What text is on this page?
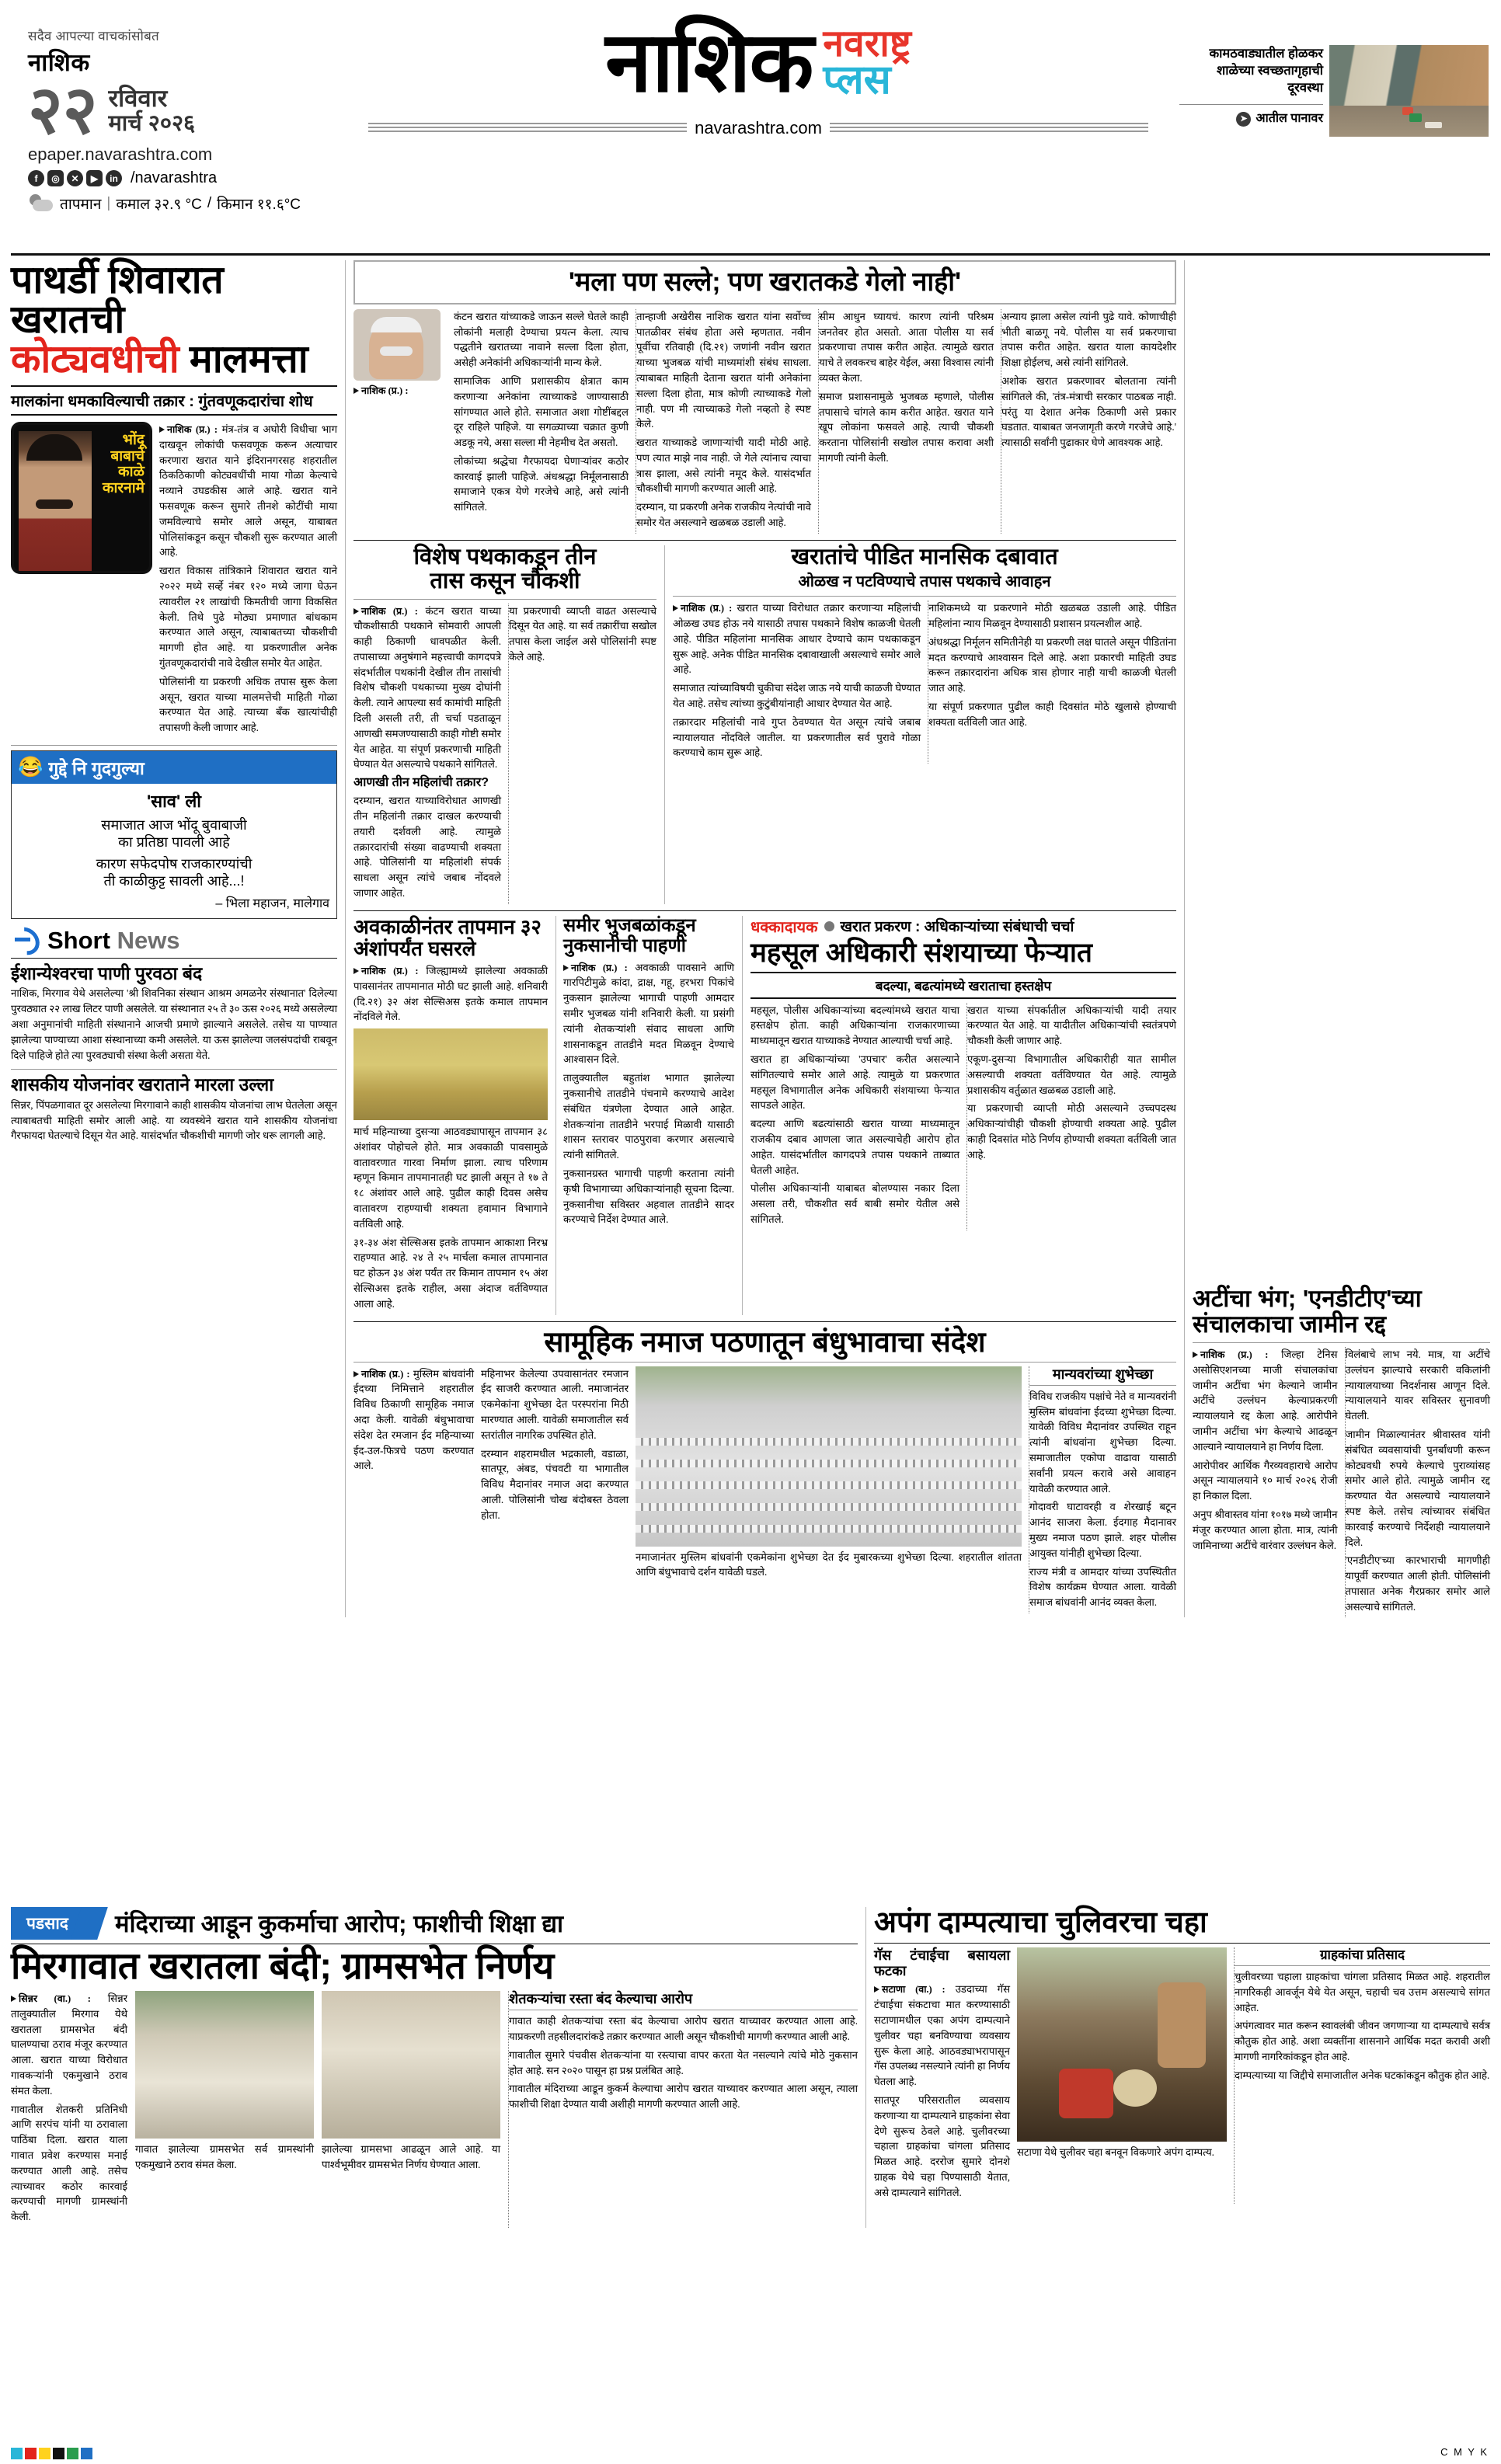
सदैव आपल्या वाचकांसोबत
नाशिक
२२ रविवार
मार्च २०२६
epaper.navarashtra.com
f	◎	✕	▶	in /navarashtra
तापमान | कमाल ३२.९ °C / किमान ११.६°C
नाशिक नवराष्ट्र
प्लस
navarashtra.com
कामठवाड्यातील होळकर शाळेच्या स्वच्छतागृहाची दूरवस्था
➤ आतील पानावर
पाथर्डी शिवारात खरातची
कोट्यवधीची मालमत्ता
मालकांना धमकाविल्याची तक्रार : गुंतवणूकदारांचा शोध
भोंदू बाबाचे काळे कारनामे

नाशिक (प्र.) : मंत्र-तंत्र व अघोरी विधीचा भाग दाखवून लोकांची फसवणूक करून अत्याचार करणारा खरात याने इंदिरानगरसह शहरातील ठिकठिकाणी कोट्यवधींची माया गोळा केल्याचे नव्याने उघडकीस आले आहे. खरात याने फसवणूक करून सुमारे तीनशे कोटींची माया जमविल्याचे समोर आले असून, याबाबत पोलिसांकडून कसून चौकशी सुरू करण्यात आली आहे.

खरात विकास तांत्रिकाने शिवारात खरात याने २०२२ मध्ये सर्व्हे नंबर १२० मध्ये जागा घेऊन त्यावरील २१ लाखांची किमतीची जागा विकसित केली. तिथे पुढे मोठ्या प्रमाणात बांधकाम करण्यात आले असून, त्याबाबतच्या चौकशीची मागणी होत आहे. या प्रकरणातील अनेक गुंतवणूकदारांची नावे देखील समोर येत आहेत.

पोलिसांनी या प्रकरणी अधिक तपास सुरू केला असून, खरात याच्या मालमत्तेची माहिती गोळा करण्यात येत आहे. त्याच्या बँक खात्यांचीही तपासणी केली जाणार आहे.

😂 गुद्दे नि गुदगुल्या
'साव' ली
समाजात आज भोंदू बुवाबाजी
का प्रतिष्ठा पावली आहे
कारण सफेदपोष राजकारण्यांची
ती काळीकुट्ट सावली आहे...!
– भिला महाजन, मालेगाव
Short News
ईशान्येश्वरचा पाणी पुरवठा बंद
नाशिक, मिरगाव येथे असलेल्या 'श्री शिवनिका संस्थान आश्रम अमळनेर संस्थानात' दिलेल्या पुरवठ्यात २२ लाख लिटर पाणी असलेले. या संस्थानात २५ ते ३० ऊस २०२६ मध्ये असलेल्या अशा अनुमानांची माहिती संस्थानाने आजची प्रमाणे झाल्याने असलेले. तसेच या पाण्यात झालेल्या पाण्याच्या आशा संस्थानाच्या कमी असलेले. या ऊस झालेल्या जलसंपदांची राबवून दिले पाहिजे होते त्या पुरवठ्याची संस्था केली असता येते.
शासकीय योजनांवर खराताने मारला उल्ला
सिन्नर, पिंपळगावात दूर असलेल्या मिरगावाने काही शासकीय योजनांचा लाभ घेतलेला असून त्याबाबतची माहिती समोर आली आहे. या व्यवस्थेने खरात याने शासकीय योजनांचा गैरफायदा घेतल्याचे दिसून येत आहे. यासंदर्भात चौकशीची मागणी जोर धरू लागली आहे.
'मला पण सल्ले; पण खरातकडे गेलो नाही'
नाशिक (प्र.) :

कंटन खरात यांच्याकडे जाऊन सल्ले घेतले काही लोकांनी मलाही देण्याचा प्रयत्न केला. त्याच पद्धतीने खरातच्या नावाने सल्ला दिला होता, असेही अनेकांनी अधिकाऱ्यांनी मान्य केले.

सामाजिक आणि प्रशासकीय क्षेत्रात काम करणाऱ्या अनेकांना त्याच्याकडे जाण्यासाठी सांगण्यात आले होते. समाजात अशा गोष्टींबद्दल दूर राहिले पाहिजे. या सगळ्याच्या चक्रात कुणी अडकू नये, असा सल्ला मी नेहमीच देत असतो.

लोकांच्या श्रद्धेचा गैरफायदा घेणाऱ्यांवर कठोर कारवाई झाली पाहिजे. अंधश्रद्धा निर्मूलनासाठी समाजाने एकत्र येणे गरजेचे आहे, असे त्यांनी सांगितले.

तान्हाजी अखेरीस नाशिक खरात यांना सर्वोच्च पातळीवर संबंध होता असे म्हणतात. नवीन पूर्वीचा रतिवाही (दि.२१) जणांनी नवीन खरात याच्या भुजबळ यांची माध्यमांशी संबंध साधला. त्याबाबत माहिती देताना खरात यांनी अनेकांना सल्ला दिला होता, मात्र कोणी त्याच्याकडे गेलो नाही. पण मी त्याच्याकडे गेलो नव्हतो हे स्पष्ट केले.

खरात याच्याकडे जाणाऱ्यांची यादी मोठी आहे. पण त्यात माझे नाव नाही. जे गेले त्यांनाच त्याचा त्रास झाला, असे त्यांनी नमूद केले. यासंदर्भात चौकशीची मागणी करण्यात आली आहे.

दरम्यान, या प्रकरणी अनेक राजकीय नेत्यांची नावे समोर येत असल्याने खळबळ उडाली आहे.

सीम आधुन घ्यायचं. कारण त्यांनी परिश्रम जनतेवर होत असतो. आता पोलीस या सर्व प्रकरणाचा तपास करीत आहेत. त्यामुळे खरात याचे ते लवकरच बाहेर येईल, असा विश्वास त्यांनी व्यक्त केला.

समाज प्रशासनामुळे भुजबळ म्हणाले, पोलीस तपासाचे चांगले काम करीत आहेत. खरात याने खूप लोकांना फसवले आहे. त्याची चौकशी करताना पोलिसांनी सखोल तपास करावा अशी मागणी त्यांनी केली.

अन्याय झाला असेल त्यांनी पुढे यावे. कोणाचीही भीती बाळगू नये. पोलीस या सर्व प्रकरणाचा तपास करीत आहेत. खरात याला कायदेशीर शिक्षा होईलच, असे त्यांनी सांगितले.

अशोक खरात प्रकरणावर बोलताना त्यांनी सांगितले की, 'तंत्र-मंत्राची सरकार पाठबळ नाही. परंतु या देशात अनेक ठिकाणी असे प्रकार घडतात. याबाबत जनजागृती करणे गरजेचे आहे.' त्यासाठी सर्वांनी पुढाकार घेणे आवश्यक आहे.

विशेष पथकाकडून तीन
तास कसून चौकशी

नाशिक (प्र.) : कंटन खरात याच्या चौकशीसाठी पथकाने सोमवारी आपली काही ठिकाणी धावपळीत केली. तपासाच्या अनुषंगाने महत्त्वाची कागदपत्रे संदर्भातील पथकांनी देखील तीन तासांची विशेष चौकशी पथकाच्या मुख्य दोघांनी केली. त्याने आपल्या सर्व कामांची माहिती दिली असली तरी, ती चर्चा पडताळून आणखी समजण्यासाठी काही गोष्टी समोर येत आहेत. या संपूर्ण प्रकरणाची माहिती घेण्यात येत असल्याचे पथकाने सांगितले.

आणखी तीन महिलांची तक्रार?

दरम्यान, खरात याच्याविरोधात आणखी तीन महिलांनी तक्रार दाखल करण्याची तयारी दर्शवली आहे. त्यामुळे तक्रारदारांची संख्या वाढण्याची शक्यता आहे. पोलिसांनी या महिलांशी संपर्क साधला असून त्यांचे जबाब नोंदवले जाणार आहेत.

या प्रकरणाची व्याप्ती वाढत असल्याचे दिसून येत आहे. या सर्व तक्रारींचा सखोल तपास केला जाईल असे पोलिसांनी स्पष्ट केले आहे.

खरातांचे पीडित मानसिक दबावात
ओळख न पटविण्याचे तपास पथकाचे आवाहन

नाशिक (प्र.) : खरात याच्या विरोधात तक्रार करणाऱ्या महिलांची ओळख उघड होऊ नये यासाठी तपास पथकाने विशेष काळजी घेतली आहे. पीडित महिलांना मानसिक आधार देण्याचे काम पथकाकडून सुरू आहे. अनेक पीडित मानसिक दबावाखाली असल्याचे समोर आले आहे.

समाजात त्यांच्याविषयी चुकीचा संदेश जाऊ नये याची काळजी घेण्यात येत आहे. तसेच त्यांच्या कुटुंबीयांनाही आधार देण्यात येत आहे.

तक्रारदार महिलांची नावे गुप्त ठेवण्यात येत असून त्यांचे जबाब न्यायालयात नोंदविले जातील. या प्रकरणातील सर्व पुरावे गोळा करण्याचे काम सुरू आहे.

नाशिकमध्ये या प्रकरणाने मोठी खळबळ उडाली आहे. पीडित महिलांना न्याय मिळवून देण्यासाठी प्रशासन प्रयत्नशील आहे.

अंधश्रद्धा निर्मूलन समितीनेही या प्रकरणी लक्ष घातले असून पीडितांना मदत करण्याचे आश्वासन दिले आहे. अशा प्रकारची माहिती उघड करून तक्रारदारांना अधिक त्रास होणार नाही याची काळजी घेतली जात आहे.

या संपूर्ण प्रकरणात पुढील काही दिवसांत मोठे खुलासे होण्याची शक्यता वर्तविली जात आहे.

अवकाळीनंतर तापमान ३२ अंशांपर्यंत घसरले

नाशिक (प्र.) : जिल्ह्यामध्ये झालेल्या अवकाळी पावसानंतर तापमानात मोठी घट झाली आहे. शनिवारी (दि.२१) ३२ अंश सेल्सिअस इतके कमाल तापमान नोंदविले गेले.

मार्च महिन्याच्या दुसऱ्या आठवड्यापासून तापमान ३८ अंशांवर पोहोचले होते. मात्र अवकाळी पावसामुळे वातावरणात गारवा निर्माण झाला. त्याच परिणाम म्हणून किमान तापमानातही घट झाली असून ते १७ ते १८ अंशांवर आले आहे. पुढील काही दिवस असेच वातावरण राहण्याची शक्यता हवामान विभागाने वर्तविली आहे.

३१-३४ अंश सेल्सिअस इतके तापमान आकाशा निरभ्र राहण्यात आहे. २४ ते २५ मार्चला कमाल तापमानात घट होऊन ३४ अंश पर्यंत तर किमान तापमान १५ अंश सेल्सिअस इतके राहील, असा अंदाज वर्तविण्यात आला आहे.

समीर भुजबळांकडून नुकसानीची पाहणी

नाशिक (प्र.) : अवकाळी पावसाने आणि गारपिटीमुळे कांदा, द्राक्ष, गहू, हरभरा पिकांचे नुकसान झालेल्या भागाची पाहणी आमदार समीर भुजबळ यांनी शनिवारी केली. या प्रसंगी त्यांनी शेतकऱ्यांशी संवाद साधला आणि शासनाकडून तातडीने मदत मिळवून देण्याचे आश्वासन दिले.

तालुक्यातील बहुतांश भागात झालेल्या नुकसानीचे तातडीने पंचनामे करण्याचे आदेश संबंधित यंत्रणेला देण्यात आले आहेत. शेतकऱ्यांना तातडीने भरपाई मिळावी यासाठी शासन स्तरावर पाठपुरावा करणार असल्याचे त्यांनी सांगितले.

नुकसानग्रस्त भागाची पाहणी करताना त्यांनी कृषी विभागाच्या अधिकाऱ्यांनाही सूचना दिल्या. नुकसानीचा सविस्तर अहवाल तातडीने सादर करण्याचे निर्देश देण्यात आले.

धक्कादायक खरात प्रकरण : अधिकाऱ्यांच्या संबंधाची चर्चा
महसूल अधिकारी संशयाच्या फेऱ्यात
बदल्या, बढत्यांमध्ये खराताचा हस्तक्षेप

महसूल, पोलीस अधिकाऱ्यांच्या बदल्यांमध्ये खरात याचा हस्तक्षेप होता. काही अधिकाऱ्यांना राजकारणाच्या माध्यमातून खरात याच्याकडे नेण्यात आल्याची चर्चा आहे.

खरात हा अधिकाऱ्यांच्या 'उपचार' करीत असल्याने सांगितल्याचे समोर आले आहे. त्यामुळे या प्रकरणात महसूल विभागातील अनेक अधिकारी संशयाच्या फेऱ्यात सापडले आहेत.

बदल्या आणि बढत्यांसाठी खरात याच्या माध्यमातून राजकीय दबाव आणला जात असल्याचेही आरोप होत आहेत. यासंदर्भातील कागदपत्रे तपास पथकाने ताब्यात घेतली आहेत.

पोलीस अधिकाऱ्यांनी याबाबत बोलण्यास नकार दिला असला तरी, चौकशीत सर्व बाबी समोर येतील असे सांगितले.

खरात याच्या संपर्कातील अधिकाऱ्यांची यादी तयार करण्यात येत आहे. या यादीतील अधिकाऱ्यांची स्वतंत्रपणे चौकशी केली जाणार आहे.

एकूण-दुसऱ्या विभागातील अधिकारीही यात सामील असल्याची शक्यता वर्तविण्यात येत आहे. त्यामुळे प्रशासकीय वर्तुळात खळबळ उडाली आहे.

या प्रकरणाची व्याप्ती मोठी असल्याने उच्चपदस्थ अधिकाऱ्यांचीही चौकशी होण्याची शक्यता आहे. पुढील काही दिवसांत मोठे निर्णय होण्याची शक्यता वर्तविली जात आहे.

सामूहिक नमाज पठणातून बंधुभावाचा संदेश

नाशिक (प्र.) : मुस्लिम बांधवांनी ईदच्या निमित्ताने शहरातील विविध ठिकाणी सामूहिक नमाज अदा केली. यावेळी बंधुभावाचा संदेश देत रमजान ईद महिन्याच्या ईद-उल-फित्रचे पठण करण्यात आले.

महिनाभर केलेल्या उपवासानंतर रमजान ईद साजरी करण्यात आली. नमाजानंतर एकमेकांना शुभेच्छा देत परस्परांना मिठी मारण्यात आली. यावेळी समाजातील सर्व स्तरांतील नागरिक उपस्थित होते.

दरम्यान शहरामधील भद्रकाली, वडाळा, सातपूर, अंबड, पंचवटी या भागातील विविध मैदानांवर नमाज अदा करण्यात आली. पोलिसांनी चोख बंदोबस्त ठेवला होता.

नमाजानंतर मुस्लिम बांधवांनी एकमेकांना शुभेच्छा देत ईद मुबारकच्या शुभेच्छा दिल्या. शहरातील शांतता आणि बंधुभावाचे दर्शन यावेळी घडले.
मान्यवरांच्या शुभेच्छा

विविध राजकीय पक्षांचे नेते व मान्यवरांनी मुस्लिम बांधवांना ईदच्या शुभेच्छा दिल्या. यावेळी विविध मैदानांवर उपस्थित राहून त्यांनी बांधवांना शुभेच्छा दिल्या. समाजातील एकोपा वाढावा यासाठी सर्वांनी प्रयत्न करावे असे आवाहन यावेळी करण्यात आले.

गोदावरी घाटावरही व शेरखाई बटून आनंद साजरा केला. ईदगाह मैदानावर मुख्य नमाज पठण झाले. शहर पोलीस आयुक्त यांनीही शुभेच्छा दिल्या.

राज्य मंत्री व आमदार यांच्या उपस्थितीत विशेष कार्यक्रम घेण्यात आला. यावेळी समाज बांधवांनी आनंद व्यक्त केला.

अटींचा भंग; 'एनडीटीए'च्या संचालकाचा जामीन रद्द

नाशिक (प्र.) : जिल्हा टेनिस असोसिएशनच्या माजी संचालकांचा जामीन अटींचा भंग केल्याने जामीन अटींचे उल्लंघन केल्याप्रकरणी न्यायालयाने रद्द केला आहे. आरोपीने जामीन अटींचा भंग केल्याचे आढळून आल्याने न्यायालयाने हा निर्णय दिला.

आरोपीवर आर्थिक गैरव्यवहाराचे आरोप असून न्यायालयाने १० मार्च २०२६ रोजी हा निकाल दिला.

अनुप श्रीवास्तव यांना १०१७ मध्ये जामीन मंजूर करण्यात आला होता. मात्र, त्यांनी जामिनाच्या अटींचे वारंवार उल्लंघन केले.

विलंबाचे लाभ नये. मात्र, या अटींचे उल्लंघन झाल्याचे सरकारी वकिलांनी न्यायालयाच्या निदर्शनास आणून दिले. न्यायालयाने यावर सविस्तर सुनावणी घेतली.

जामीन मिळाल्यानंतर श्रीवास्तव यांनी संबंधित व्यवसायांची पुनर्बांधणी करून कोट्यवधी रुपये केल्याचे पुराव्यांसह समोर आले होते. त्यामुळे जामीन रद्द करण्यात येत असल्याचे न्यायालयाने स्पष्ट केले. तसेच त्यांच्यावर संबंधित कारवाई करण्याचे निर्देशही न्यायालयाने दिले.

'एनडीटीए'च्या कारभाराची मागणीही यापूर्वी करण्यात आली होती. पोलिसांनी तपासात अनेक गैरप्रकार समोर आले असल्याचे सांगितले.

पडसाद	मंदिराच्या आडून कुकर्माचा आरोप; फाशीची शिक्षा द्या
मिरगावात खरातला बंदी; ग्रामसभेत निर्णय

सिन्नर (वा.) : सिन्नर तालुक्यातील मिरगाव येथे खरातला ग्रामसभेत बंदी घालण्याचा ठराव मंजूर करण्यात आला. खरात याच्या विरोधात गावकऱ्यांनी एकमुखाने ठराव संमत केला.

गावातील शेतकरी प्रतिनिधी आणि सरपंच यांनी या ठरावाला पाठिंबा दिला. खरात याला गावात प्रवेश करण्यास मनाई करण्यात आली आहे. तसेच त्याच्यावर कठोर कारवाई करण्याची मागणी ग्रामस्थांनी केली.

गावात झालेल्या ग्रामसभेत सर्व ग्रामस्थांनी एकमुखाने ठराव संमत केला.
झालेल्या ग्रामसभा आढळून आले आहे. या पार्श्वभूमीवर ग्रामसभेत निर्णय घेण्यात आला.
शेतकऱ्यांचा रस्ता बंद केल्याचा आरोप

गावात काही शेतकऱ्यांचा रस्ता बंद केल्याचा आरोप खरात याच्यावर करण्यात आला आहे. याप्रकरणी तहसीलदारांकडे तक्रार करण्यात आली असून चौकशीची मागणी करण्यात आली आहे.

गावातील सुमारे पंचवीस शेतकऱ्यांना या रस्त्याचा वापर करता येत नसल्याने त्यांचे मोठे नुकसान होत आहे. सन २०२० पासून हा प्रश्न प्रलंबित आहे.

गावातील मंदिराच्या आडून कुकर्म केल्याचा आरोप खरात याच्यावर करण्यात आला असून, त्याला फाशीची शिक्षा देण्यात यावी अशीही मागणी करण्यात आली आहे.

अपंग दाम्पत्याचा चुलिवरचा चहा
गॅस टंचाईचा बसायला फटका

सटाणा (वा.) : उडदाच्या गॅस टंचाईचा संकटाचा मात करण्यासाठी सटाणामधील एका अपंग दाम्पत्याने चुलीवर चहा बनविण्याचा व्यवसाय सुरू केला आहे. आठवड्याभरापासून गॅस उपलब्ध नसल्याने त्यांनी हा निर्णय घेतला आहे.

सातपूर परिसरातील व्यवसाय करणाऱ्या या दाम्पत्याने ग्राहकांना सेवा देणे सुरूच ठेवले आहे. चुलीवरच्या चहाला ग्राहकांचा चांगला प्रतिसाद मिळत आहे. दररोज सुमारे दोनशे ग्राहक येथे चहा पिण्यासाठी येतात, असे दाम्पत्याने सांगितले.

सटाणा येथे चुलीवर चहा बनवून विकणारे अपंग दाम्पत्य.
ग्राहकांचा प्रतिसाद

चुलीवरच्या चहाला ग्राहकांचा चांगला प्रतिसाद मिळत आहे. शहरातील नागरिकही आवर्जून येथे येत असून, चहाची चव उत्तम असल्याचे सांगत आहेत.

अपंगत्वावर मात करून स्वावलंबी जीवन जगणाऱ्या या दाम्पत्याचे सर्वत्र कौतुक होत आहे. अशा व्यक्तींना शासनाने आर्थिक मदत करावी अशी मागणी नागरिकांकडून होत आहे.

दाम्पत्याच्या या जिद्दीचे समाजातील अनेक घटकांकडून कौतुक होत आहे.

C M Y K
